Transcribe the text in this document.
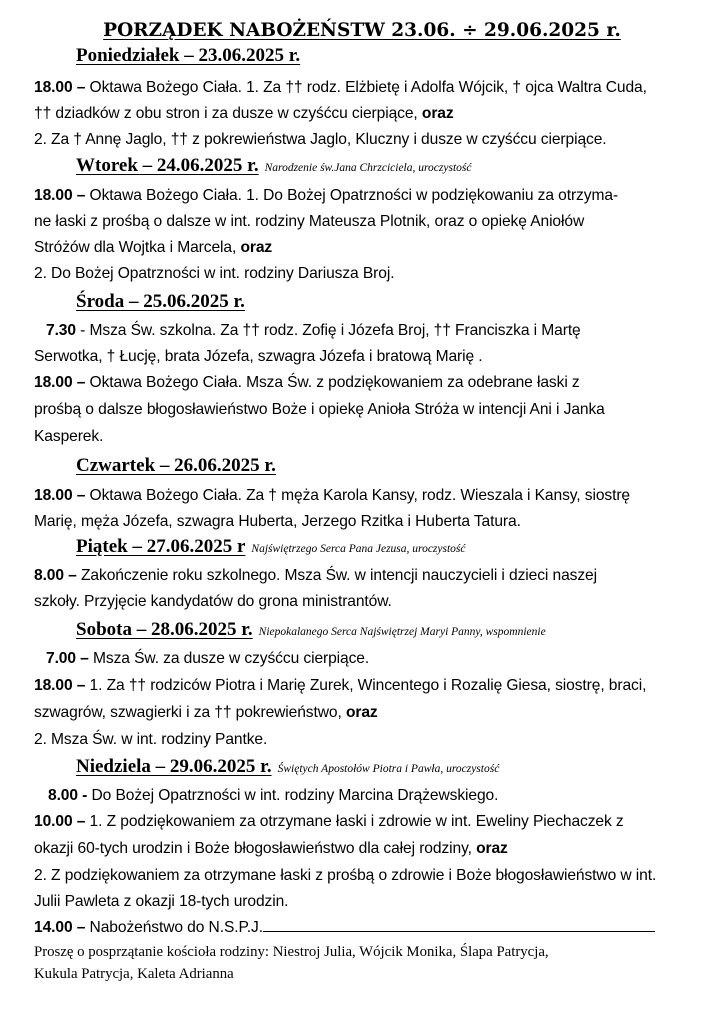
PORZĄDEK NABOŻEŃSTW 23.06. ÷ 29.06.2025 r.
Poniedziałek – 23.06.2025 r.
18.00 – Oktawa Bożego Ciała. 1. Za †† rodz. Elżbietę i Adolfa Wójcik, † ojca Waltra Cuda,
†† dziadków z obu stron i za dusze w czyśćcu cierpiące, oraz
2. Za † Annę Jaglo, †† z pokrewieństwa Jaglo, Kluczny i dusze w czyśćcu cierpiące.
Wtorek – 24.06.2025 r. Narodzenie św.Jana Chrzciciela, uroczystość
18.00 – Oktawa Bożego Ciała. 1. Do Bożej Opatrzności w podziękowaniu za otrzyma-
ne łaski z prośbą o dalsze w int. rodziny Mateusza Plotnik, oraz o opiekę Aniołów
Stróżów dla Wojtka i Marcela, oraz
2. Do Bożej Opatrzności w int. rodziny Dariusza Broj.
Środa – 25.06.2025 r.
7.30 - Msza Św. szkolna. Za †† rodz. Zofię i Józefa Broj, †† Franciszka i Martę
Serwotka, † Łucję, brata Józefa, szwagra Józefa i bratową Marię .
18.00 – Oktawa Bożego Ciała. Msza Św. z podziękowaniem za odebrane łaski z
prośbą o dalsze błogosławieństwo Boże i opiekę Anioła Stróża w intencji Ani i Janka
Kasperek.
Czwartek – 26.06.2025 r.
18.00 – Oktawa Bożego Ciała. Za † męża Karola Kansy, rodz. Wieszala i Kansy, siostrę
Marię, męża Józefa, szwagra Huberta, Jerzego Rzitka i Huberta Tatura.
Piątek – 27.06.2025 r Najświętrzego Serca Pana Jezusa, uroczystość
8.00 – Zakończenie roku szkolnego. Msza Św. w intencji nauczycieli i dzieci naszej
szkoły. Przyjęcie kandydatów do grona ministrantów.
Sobota – 28.06.2025 r. Niepokalanego Serca Najświętrzej Maryi Panny, wspomnienie
7.00 – Msza Św. za dusze w czyśćcu cierpiące.
18.00 – 1. Za †† rodziców Piotra i Marię Zurek, Wincentego i Rozalię Giesa, siostrę, braci,
szwagrów, szwagierki i za †† pokrewieństwo, oraz
2. Msza Św. w int. rodziny Pantke.
Niedziela – 29.06.2025 r. Świętych Apostołów Piotra i Pawła, uroczystość
8.00 - Do Bożej Opatrzności w int. rodziny Marcina Drążewskiego.
10.00 – 1. Z podziękowaniem za otrzymane łaski i zdrowie w int. Eweliny Piechaczek z
okazji 60-tych urodzin i Boże błogosławieństwo dla całej rodziny, oraz
2. Z podziękowaniem za otrzymane łaski z prośbą o zdrowie i Boże błogosławieństwo w int.
Julii Pawleta z okazji 18-tych urodzin.
14.00 – Nabożeństwo do N.S.P.J.
Proszę o posprzątanie kościoła rodziny: Niestroj Julia, Wójcik Monika, Ślapa Patrycja,
Kukula Patrycja, Kaleta Adrianna
